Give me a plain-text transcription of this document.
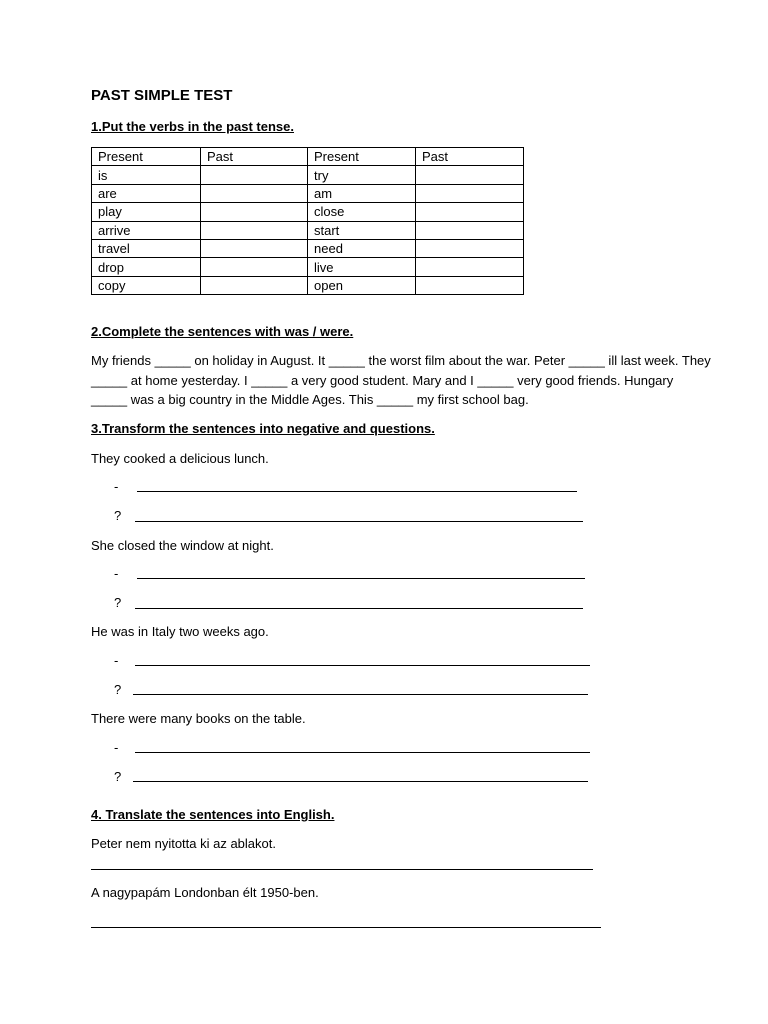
PAST SIMPLE TEST
1.Put the verbs in the past tense.
Present	Past	Present	Past
is		try	
are		am	
play		close	
arrive		start	
travel		need	
drop		live	
copy		open	
2.Complete the sentences with was / were.
My friends _____ on holiday in August. It _____ the worst film about the war. Peter _____ ill last week. They _____ at home yesterday. I _____ a very good student. Mary and I _____ very good friends. Hungary _____ was a big country in the Middle Ages. This _____ my first school bag.
3.Transform the sentences into negative and questions.
They cooked a delicious lunch.
-
?
She closed the window at night.
-
?
He was in Italy two weeks ago.
-
?
There were many books on the table.
-
?
4. Translate the sentences into English.
Peter nem nyitotta ki az ablakot.
A nagypapám Londonban élt 1950-ben.
